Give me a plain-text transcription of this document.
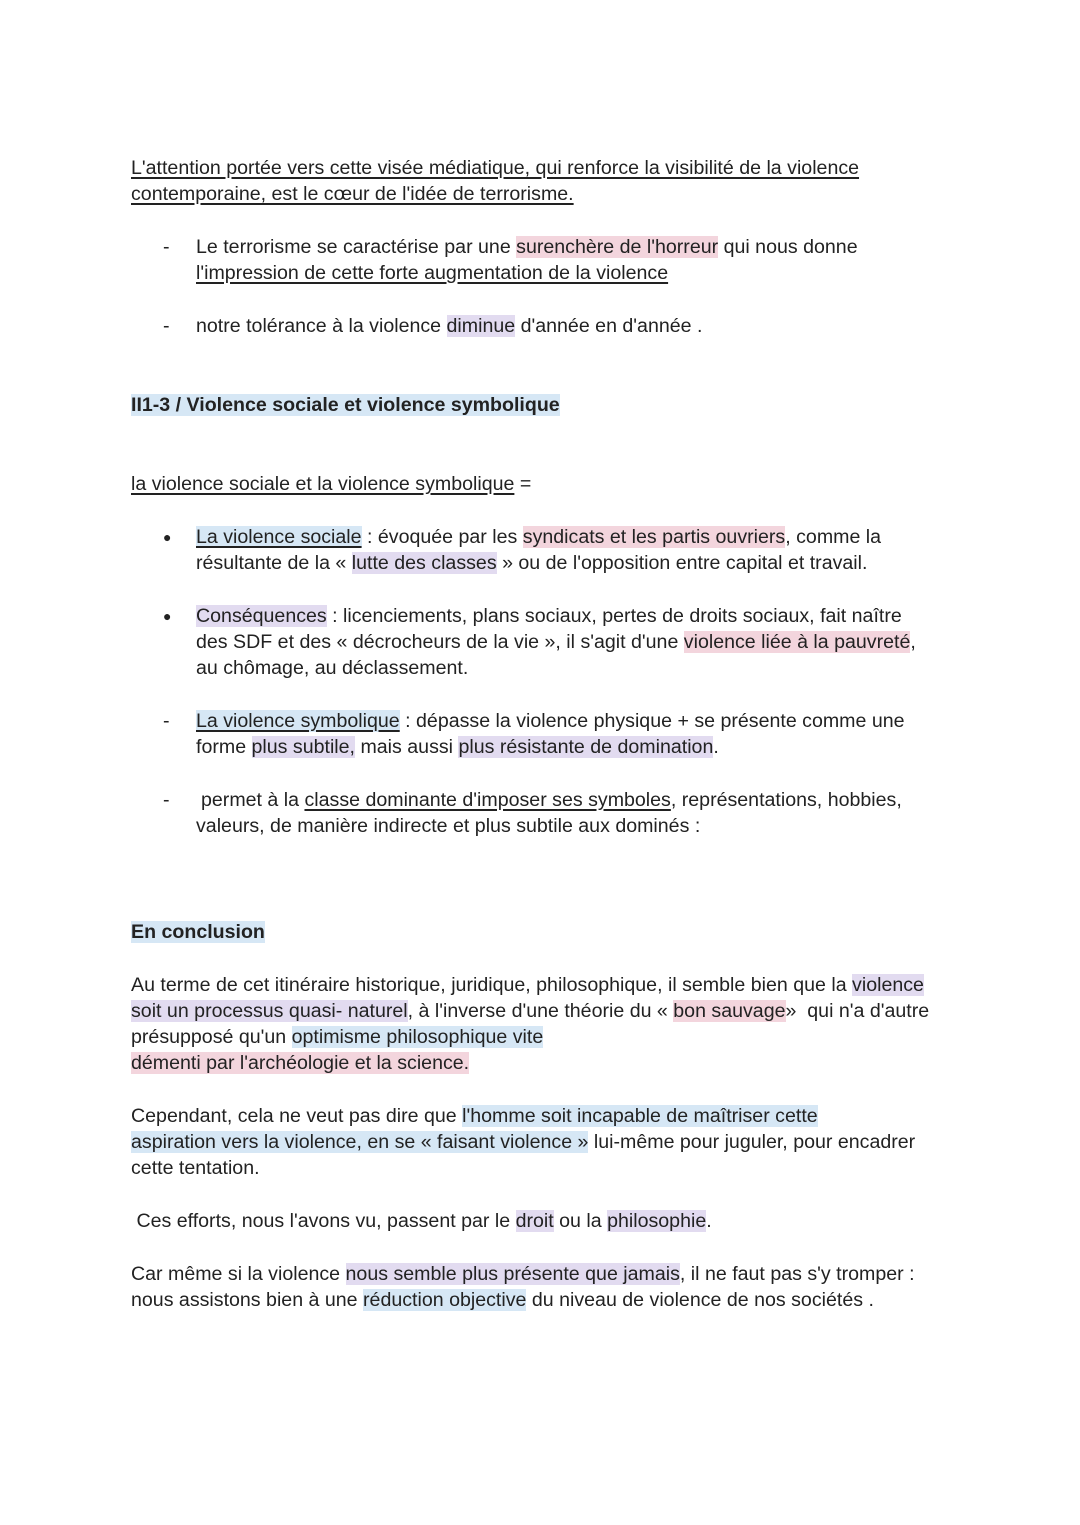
L'attention portée vers cette visée médiatique, qui renforce la visibilité de la violence
contemporaine, est le cœur de l'idée de terrorisme.
- Le terrorisme se caractérise par une surenchère de l'horreur qui nous donne
l'impression de cette forte augmentation de la violence
- notre tolérance à la violence diminue d'année en d'année .
II1-3 / Violence sociale et violence symbolique
la violence sociale et la violence symbolique =
● La violence sociale : évoquée par les syndicats et les partis ouvriers, comme la
résultante de la « lutte des classes » ou de l'opposition entre capital et travail.
● Conséquences : licenciements, plans sociaux, pertes de droits sociaux, fait naître
des SDF et des « décrocheurs de la vie », il s'agit d'une violence liée à la pauvreté,
au chômage, au déclassement.
- La violence symbolique : dépasse la violence physique + se présente comme une
forme plus subtile, mais aussi plus résistante de domination.
- permet à la classe dominante d'imposer ses symboles, représentations, hobbies,
valeurs, de manière indirecte et plus subtile aux dominés :
En conclusion
Au terme de cet itinéraire historique, juridique, philosophique, il semble bien que la violence
soit un processus quasi- naturel, à l'inverse d'une théorie du « bon sauvage»  qui n'a d'autre
présupposé qu'un optimisme philosophique vite
démenti par l'archéologie et la science.
Cependant, cela ne veut pas dire que l'homme soit incapable de maîtriser cette
aspiration vers la violence, en se « faisant violence » lui-même pour juguler, pour encadrer
cette tentation.
Ces efforts, nous l'avons vu, passent par le droit ou la philosophie.
Car même si la violence nous semble plus présente que jamais, il ne faut pas s'y tromper :
nous assistons bien à une réduction objective du niveau de violence de nos sociétés .
